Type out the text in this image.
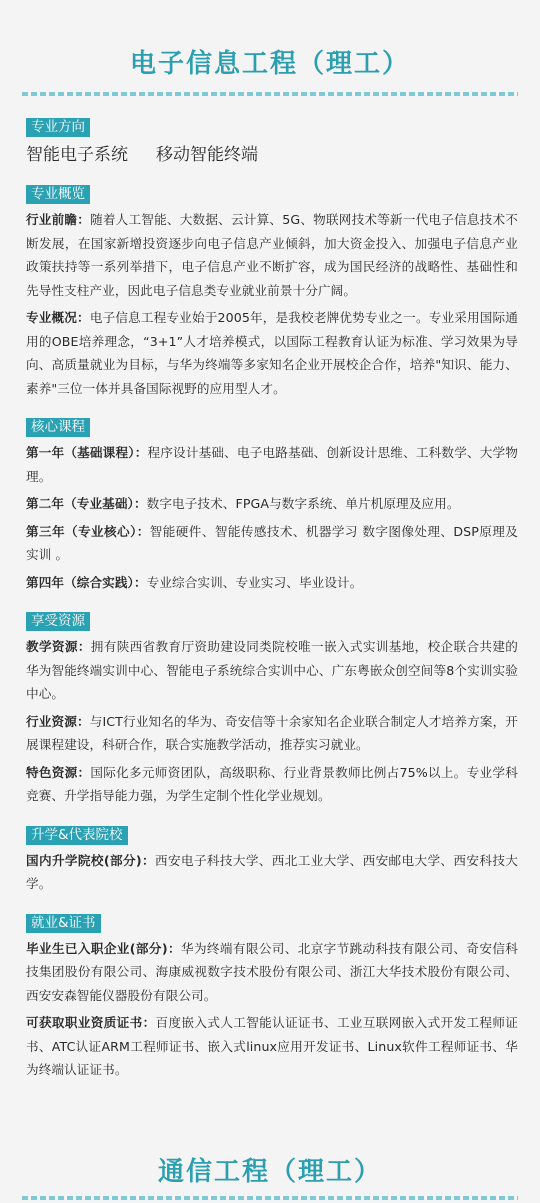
电子信息工程（理工）
专业方向
智能电子系统 移动智能终端
专业概览

行业前瞻：随着人工智能、大数据、云计算、5G、物联网技术等新一代电子信息技术不断发展，在国家新增投资逐步向电子信息产业倾斜，加大资金投入、加强电子信息产业政策扶持等一系列举措下，电子信息产业不断扩容，成为国民经济的战略性、基础性和先导性支柱产业，因此电子信息类专业就业前景十分广阔。

专业概况：电子信息工程专业始于2005年，是我校老牌优势专业之一。专业采用国际通用的OBE培养理念，“3+1”人才培养模式，以国际工程教育认证为标准、学习效果为导向、高质量就业为目标，与华为终端等多家知名企业开展校企合作，培养"知识、能力、素养"三位一体并具备国际视野的应用型人才。

核心课程

第一年（基础课程）：程序设计基础、电子电路基础、创新设计思维、工科数学、大学物理。

第二年（专业基础）：数字电子技术、FPGA与数字系统、单片机原理及应用。

第三年（专业核心）：智能硬件、智能传感技术、机器学习 数字图像处理、DSP原理及实训 。

第四年（综合实践）：专业综合实训、专业实习、毕业设计。

享受资源

教学资源：拥有陕西省教育厅资助建设同类院校唯一嵌入式实训基地，校企联合共建的华为智能终端实训中心、智能电子系统综合实训中心、广东粤嵌众创空间等8个实训实验中心。

行业资源：与ICT行业知名的华为、奇安信等十余家知名企业联合制定人才培养方案，开展课程建设，科研合作，联合实施教学活动，推荐实习就业。

特色资源：国际化多元师资团队，高级职称、行业背景教师比例占75%以上。专业学科竞赛、升学指导能力强，为学生定制个性化学业规划。

升学&代表院校

国内升学院校(部分)：西安电子科技大学、西北工业大学、西安邮电大学、西安科技大学。

就业&证书

毕业生已入职企业(部分)：华为终端有限公司、北京字节跳动科技有限公司、奇安信科技集团股份有限公司、海康威视数字技术股份有限公司、浙江大华技术股份有限公司、西安安森智能仪器股份有限公司。

可获取职业资质证书：百度嵌入式人工智能认证证书、工业互联网嵌入式开发工程师证书、ATC认证ARM工程师证书、嵌入式linux应用开发证书、Linux软件工程师证书、华为终端认证证书。

通信工程（理工）
